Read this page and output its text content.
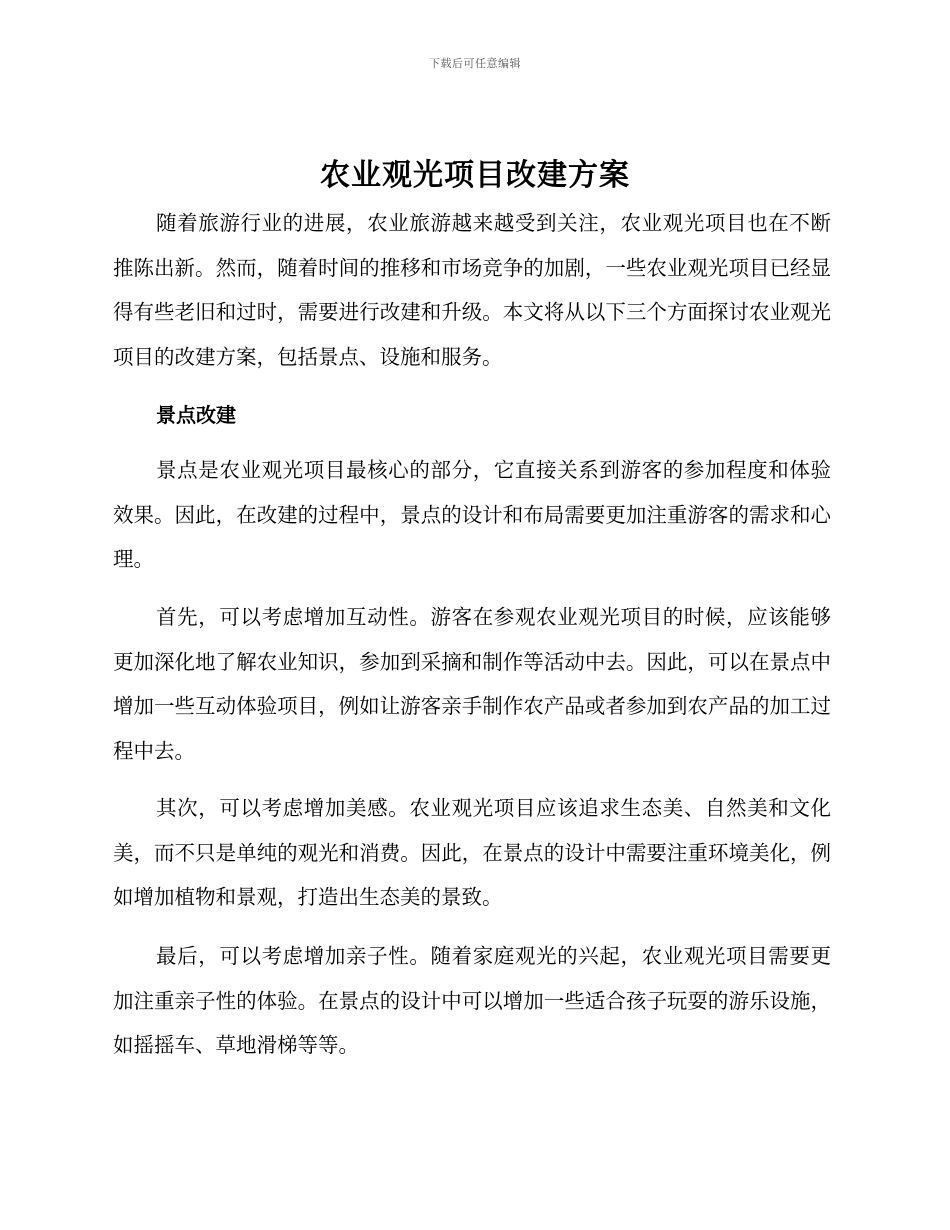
下载后可任意编辑
农业观光项目改建方案
随着旅游行业的进展，农业旅游越来越受到关注，农业观光项目也在不断推陈出新。然而，随着时间的推移和市场竞争的加剧，一些农业观光项目已经显得有些老旧和过时，需要进行改建和升级。本文将从以下三个方面探讨农业观光项目的改建方案，包括景点、设施和服务。
景点改建
景点是农业观光项目最核心的部分，它直接关系到游客的参加程度和体验效果。因此，在改建的过程中，景点的设计和布局需要更加注重游客的需求和心理。
首先，可以考虑增加互动性。游客在参观农业观光项目的时候，应该能够更加深化地了解农业知识，参加到采摘和制作等活动中去。因此，可以在景点中增加一些互动体验项目，例如让游客亲手制作农产品或者参加到农产品的加工过程中去。
其次，可以考虑增加美感。农业观光项目应该追求生态美、自然美和文化美，而不只是单纯的观光和消费。因此，在景点的设计中需要注重环境美化，例如增加植物和景观，打造出生态美的景致。
最后，可以考虑增加亲子性。随着家庭观光的兴起，农业观光项目需要更加注重亲子性的体验。在景点的设计中可以增加一些适合孩子玩耍的游乐设施，如摇摇车、草地滑梯等等。
